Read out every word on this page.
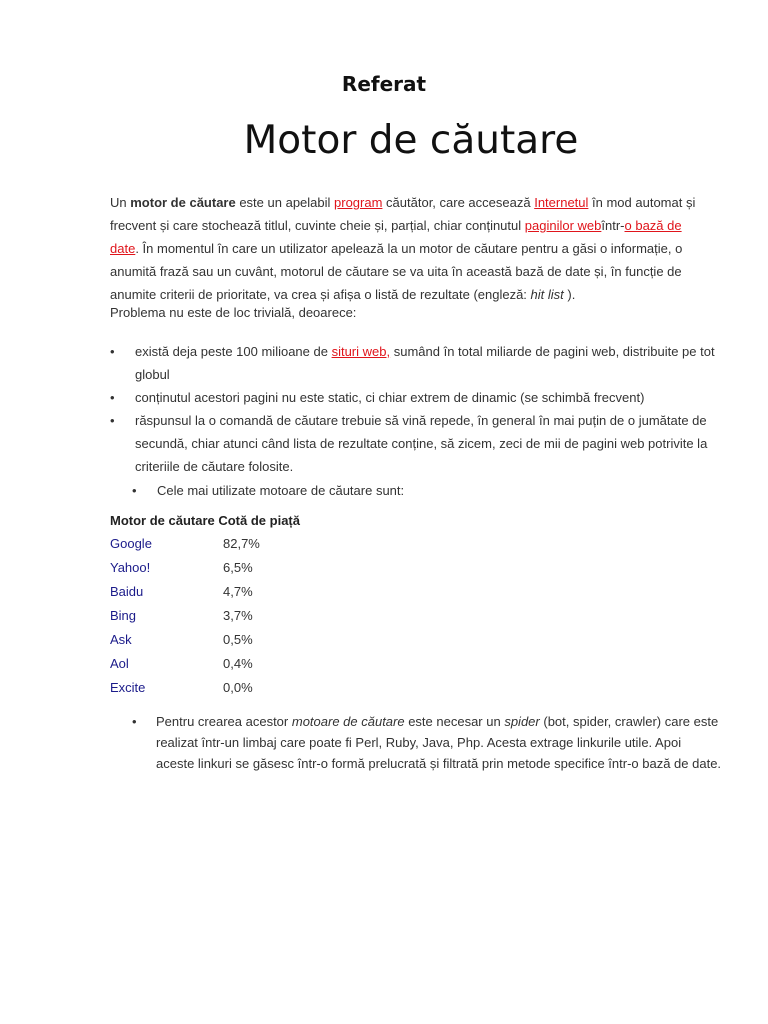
Referat
Motor de căutare

Un motor de căutare este un apelabil program căutător, care accesează Internetul în mod automat și frecvent și care stochează titlul, cuvinte cheie și, parțial, chiar conținutul paginilor webîntr-o bază de date. În momentul în care un utilizator apelează la un motor de căutare pentru a găsi o informație, o anumită frază sau un cuvânt, motorul de căutare se va uita în această bază de date și, în funcție de anumite criterii de prioritate, va crea și afișa o listă de rezultate (engleză: hit list ).

Problema nu este de loc trivială, deoarece:

• există deja peste 100 milioane de situri web, sumând în total miliarde de pagini web, distribuite pe tot globul
• conținutul acestori pagini nu este static, ci chiar extrem de dinamic (se schimbă frecvent)
• răspunsul la o comandă de căutare trebuie să vină repede, în general în mai puțin de o jumătate de secundă, chiar atunci când lista de rezultate conține, să zicem, zeci de mii de pagini web potrivite la criteriile de căutare folosite.
• Cele mai utilizate motoare de căutare sunt:
Motor de căutare Cotă de piață
Google	82,7%
Yahoo!	6,5%
Baidu	4,7%
Bing	3,7%
Ask	0,5%
Aol	0,4%
Excite	0,0%
• Pentru crearea acestor motoare de căutare este necesar un spider (bot, spider, crawler) care este realizat într-un limbaj care poate fi Perl, Ruby, Java, Php. Acesta extrage linkurile utile. Apoi aceste linkuri se găsesc într-o formă prelucrată și filtrată prin metode specifice într-o bază de date.
